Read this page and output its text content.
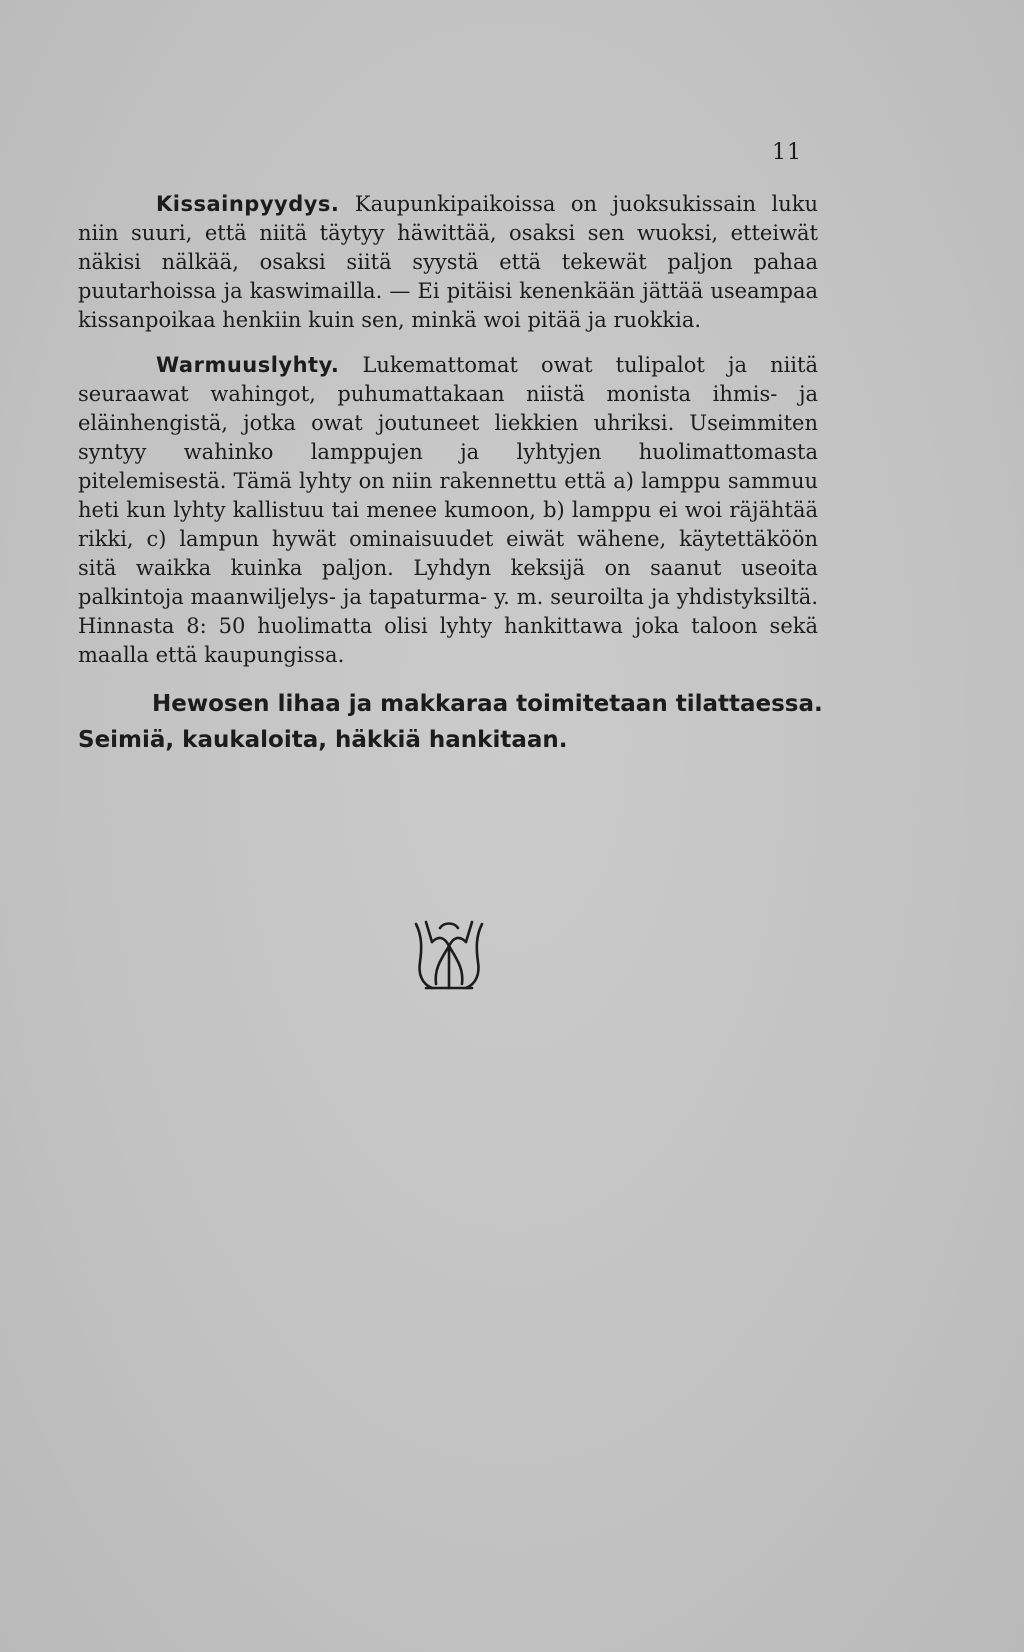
11

Kissainpyydys. Kaupunkipaikoissa on juoksukissain luku niin suuri, että niitä täytyy häwittää, osaksi sen wuoksi, etteiwät näkisi nälkää, osaksi siitä syystä että tekewät paljon pahaa puutarhoissa ja kaswimailla. — Ei pitäisi kenenkään jättää useampaa kissanpoikaa henkiin kuin sen, minkä woi pitää ja ruokkia.

Warmuuslyhty. Lukemattomat owat tulipalot ja niitä seuraawat wahingot, puhumattakaan niistä monista ihmis- ja eläinhengistä, jotka owat joutuneet liekkien uhriksi. Useimmiten syntyy wahinko lamppujen ja lyhtyjen huolimattomasta pitelemisestä. Tämä lyhty on niin rakennettu että a) lamppu sammuu heti kun lyhty kallistuu tai menee kumoon, b) lamppu ei woi räjähtää rikki, c) lampun hywät ominaisuudet eiwät wähene, käytettäköön sitä waikka kuinka paljon. Lyhdyn keksijä on saanut useoita palkintoja maanwiljelys- ja tapaturma- y. m. seuroilta ja yhdistyksiltä. Hinnasta 8: 50 huolimatta olisi lyhty hankittawa joka taloon sekä maalla että kaupungissa.

Hewosen lihaa ja makkaraa toimitetaan tilattaessa.

Seimiä, kaukaloita, häkkiä hankitaan.
